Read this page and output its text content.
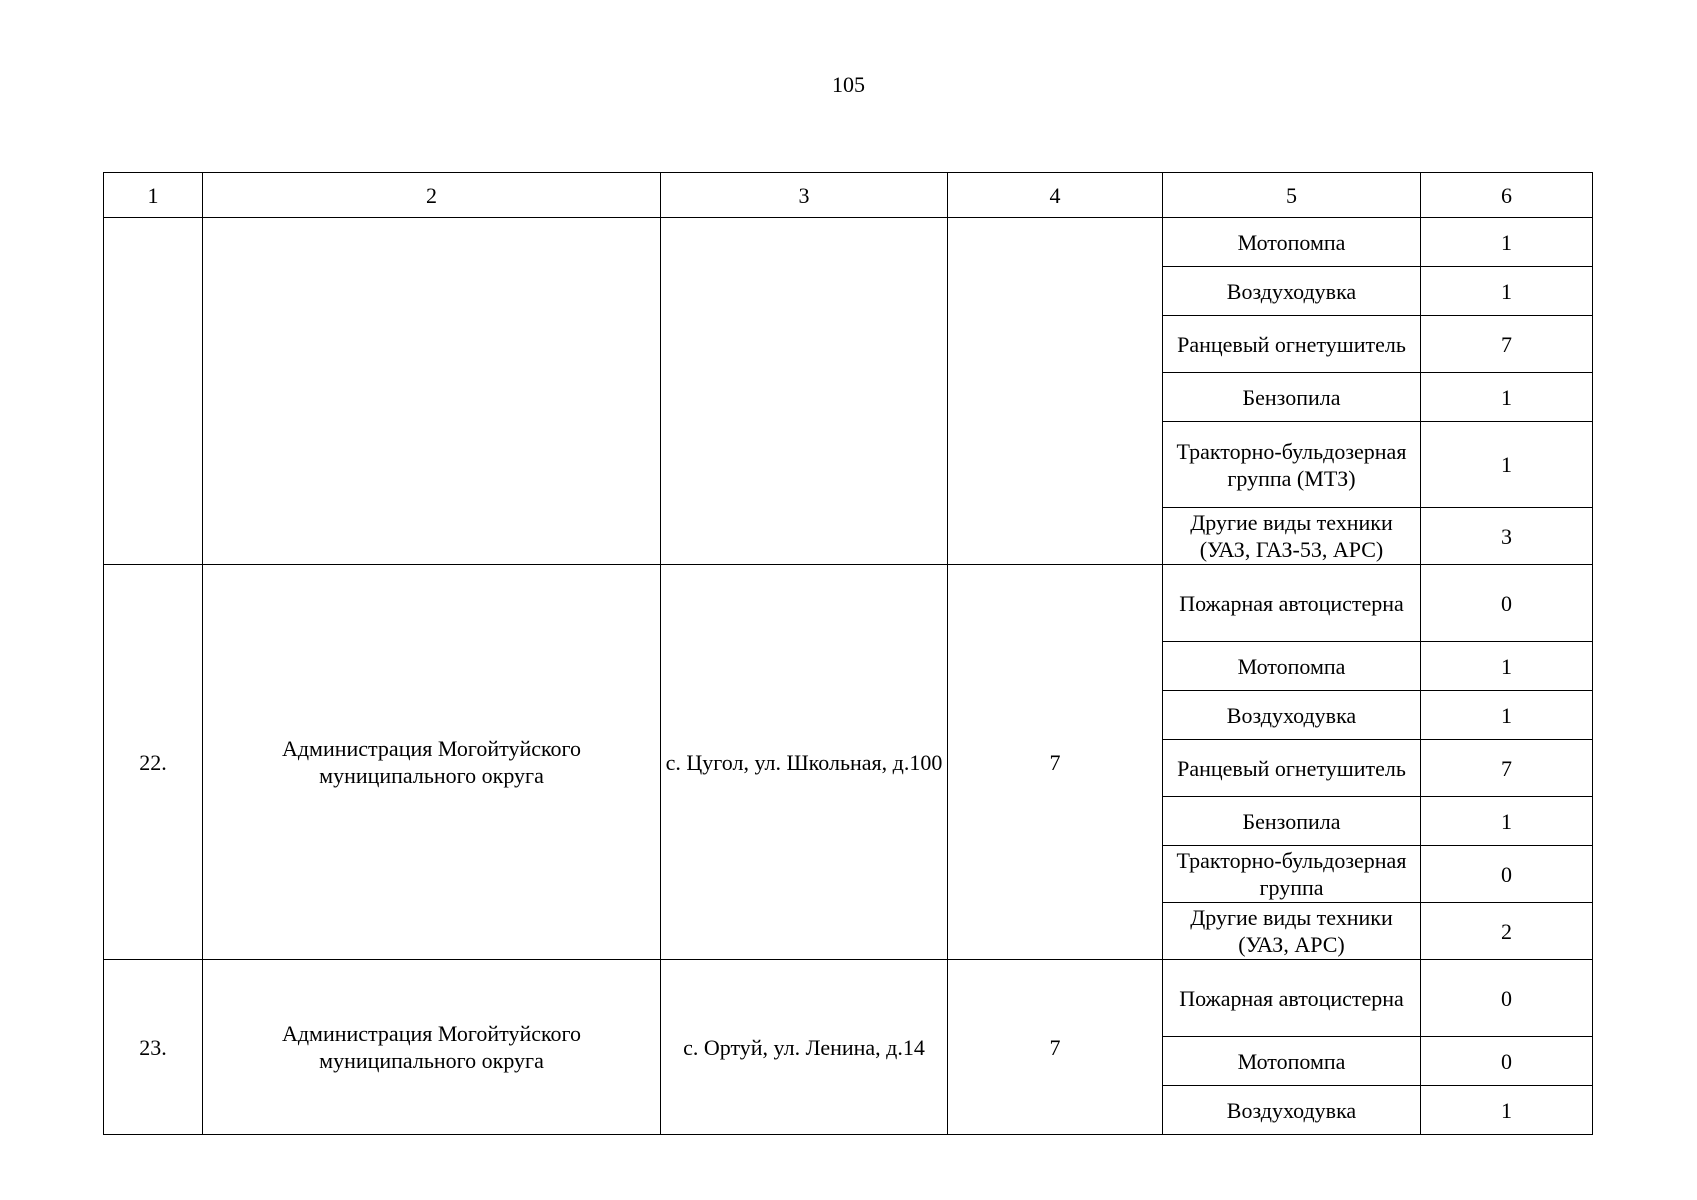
105
1	2	3	4	5	6
				Мотопомпа	1
				Воздуходувка	1
				Ранцевый огнетушитель	7
				Бензопила	1
				Тракторно-бульдозерная группа (МТЗ)	1
				Другие виды техники (УАЗ, ГАЗ-53, АРС)	3
22.	Администрация Могойтуйского муниципального округа	с. Цугол, ул. Школьная, д.100	7	Пожарная автоцистерна	0
				Мотопомпа	1
				Воздуходувка	1
				Ранцевый огнетушитель	7
				Бензопила	1
				Тракторно-бульдозерная группа	0
				Другие виды техники (УАЗ, АРС)	2
23.	Администрация Могойтуйского муниципального округа	с. Ортуй, ул. Ленина, д.14	7	Пожарная автоцистерна	0
				Мотопомпа	0
				Воздуходувка	1
